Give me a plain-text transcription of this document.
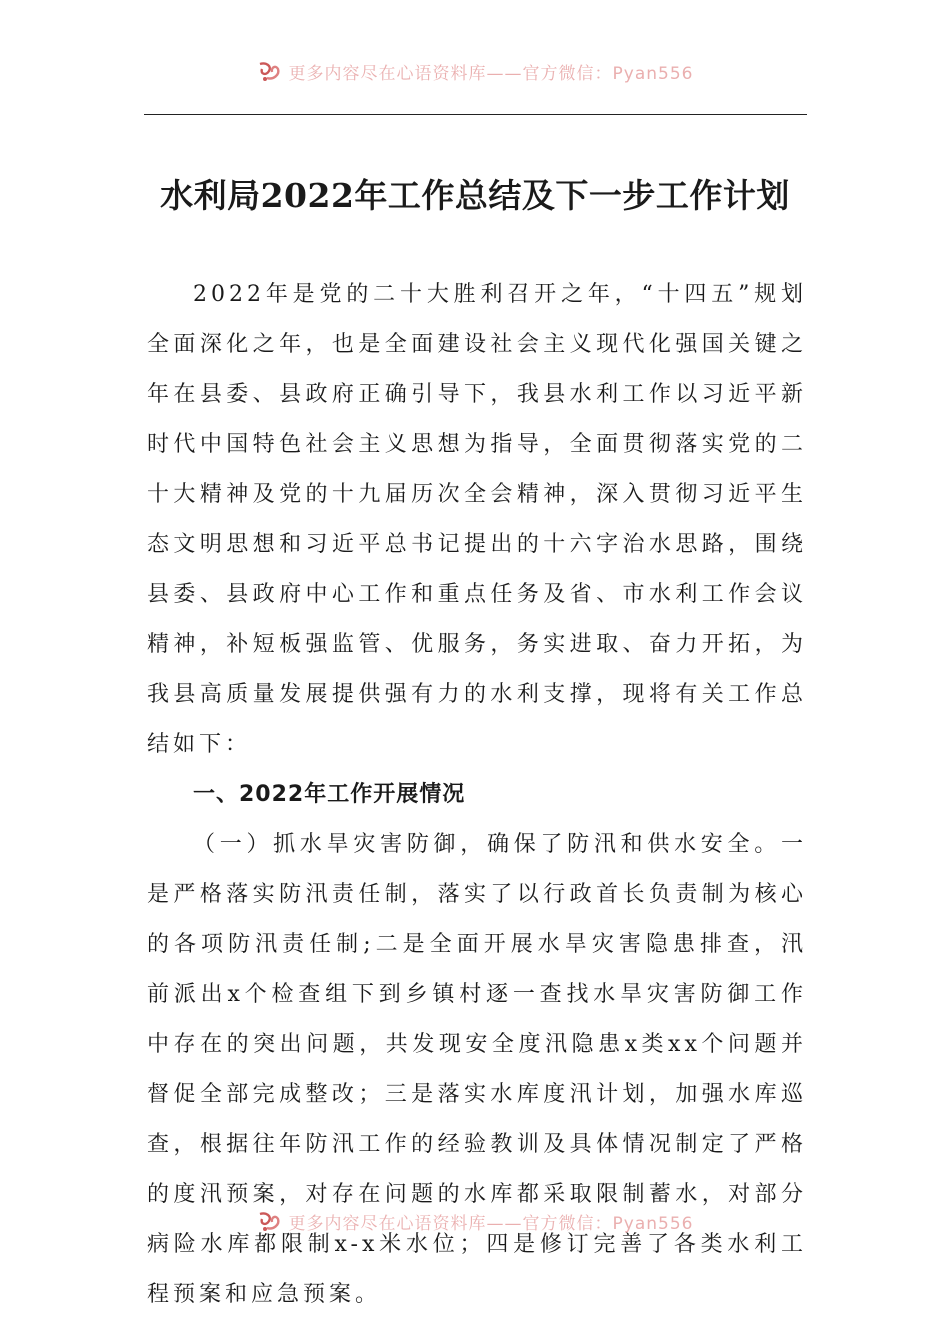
更多内容尽在心语资料库——官方微信：Pyan556
水利局2022年工作总结及下一步工作计划

2022年是党的二十大胜利召开之年，“十四五”规划全面深化之年，也是全面建设社会主义现代化强国关键之年在县委、县政府正确引导下，我县水利工作以习近平新时代中国特色社会主义思想为指导，全面贯彻落实党的二十大精神及党的十九届历次全会精神，深入贯彻习近平生态文明思想和习近平总书记提出的十六字治水思路，围绕县委、县政府中心工作和重点任务及省、市水利工作会议精神，补短板强监管、优服务，务实进取、奋力开拓，为我县高质量发展提供强有力的水利支撑，现将有关工作总结如下：

一、2022年工作开展情况

（一）抓水旱灾害防御，确保了防汛和供水安全。一是严格落实防汛责任制，落实了以行政首长负责制为核心的各项防汛责任制;二是全面开展水旱灾害隐患排查，汛前派出x个检查组下到乡镇村逐一查找水旱灾害防御工作中存在的突出问题，共发现安全度汛隐患x类xx个问题并督促全部完成整改；三是落实水库度汛计划，加强水库巡查，根据往年防汛工作的经验教训及具体情况制定了严格的度汛预案，对存在问题的水库都采取限制蓄水，对部分病险水库都限制x-x米水位；四是修订完善了各类水利工程预案和应急预案。

更多内容尽在心语资料库——官方微信：Pyan556
